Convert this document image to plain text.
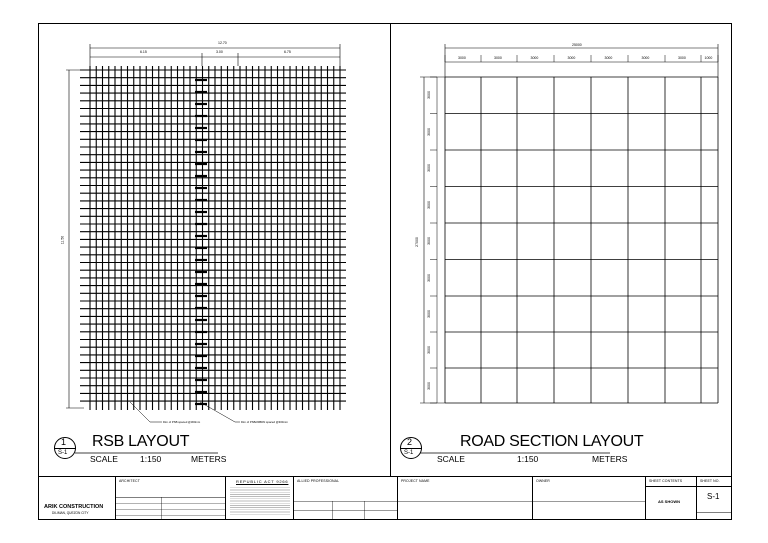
12.70
6.15	3.00	6.75
11.50
Dim of PSB spaced @300mm	Dim of PSB/20BDN spaced @300mm
1
S-1
RSB LAYOUT
SCALE	1:150	METERS
25000
3000	3000	3000	3000	3000	3000	3000	1000
3000
3000
3000
3000
3000
3000
3000
3000
3000
27000
2
S-1
ROAD SECTION LAYOUT
SCALE	1:150	METERS
ARIK CONSTRUCTION
DILIMAN, QUEZON CITY
ARCHITECT	REPUBLIC ACT 9266 ALLIED PROFESSIONAL	PROJECT NAME	OWNER	SHEET CONTENTS
AS SHOWN
SHEET NO.
S-1
